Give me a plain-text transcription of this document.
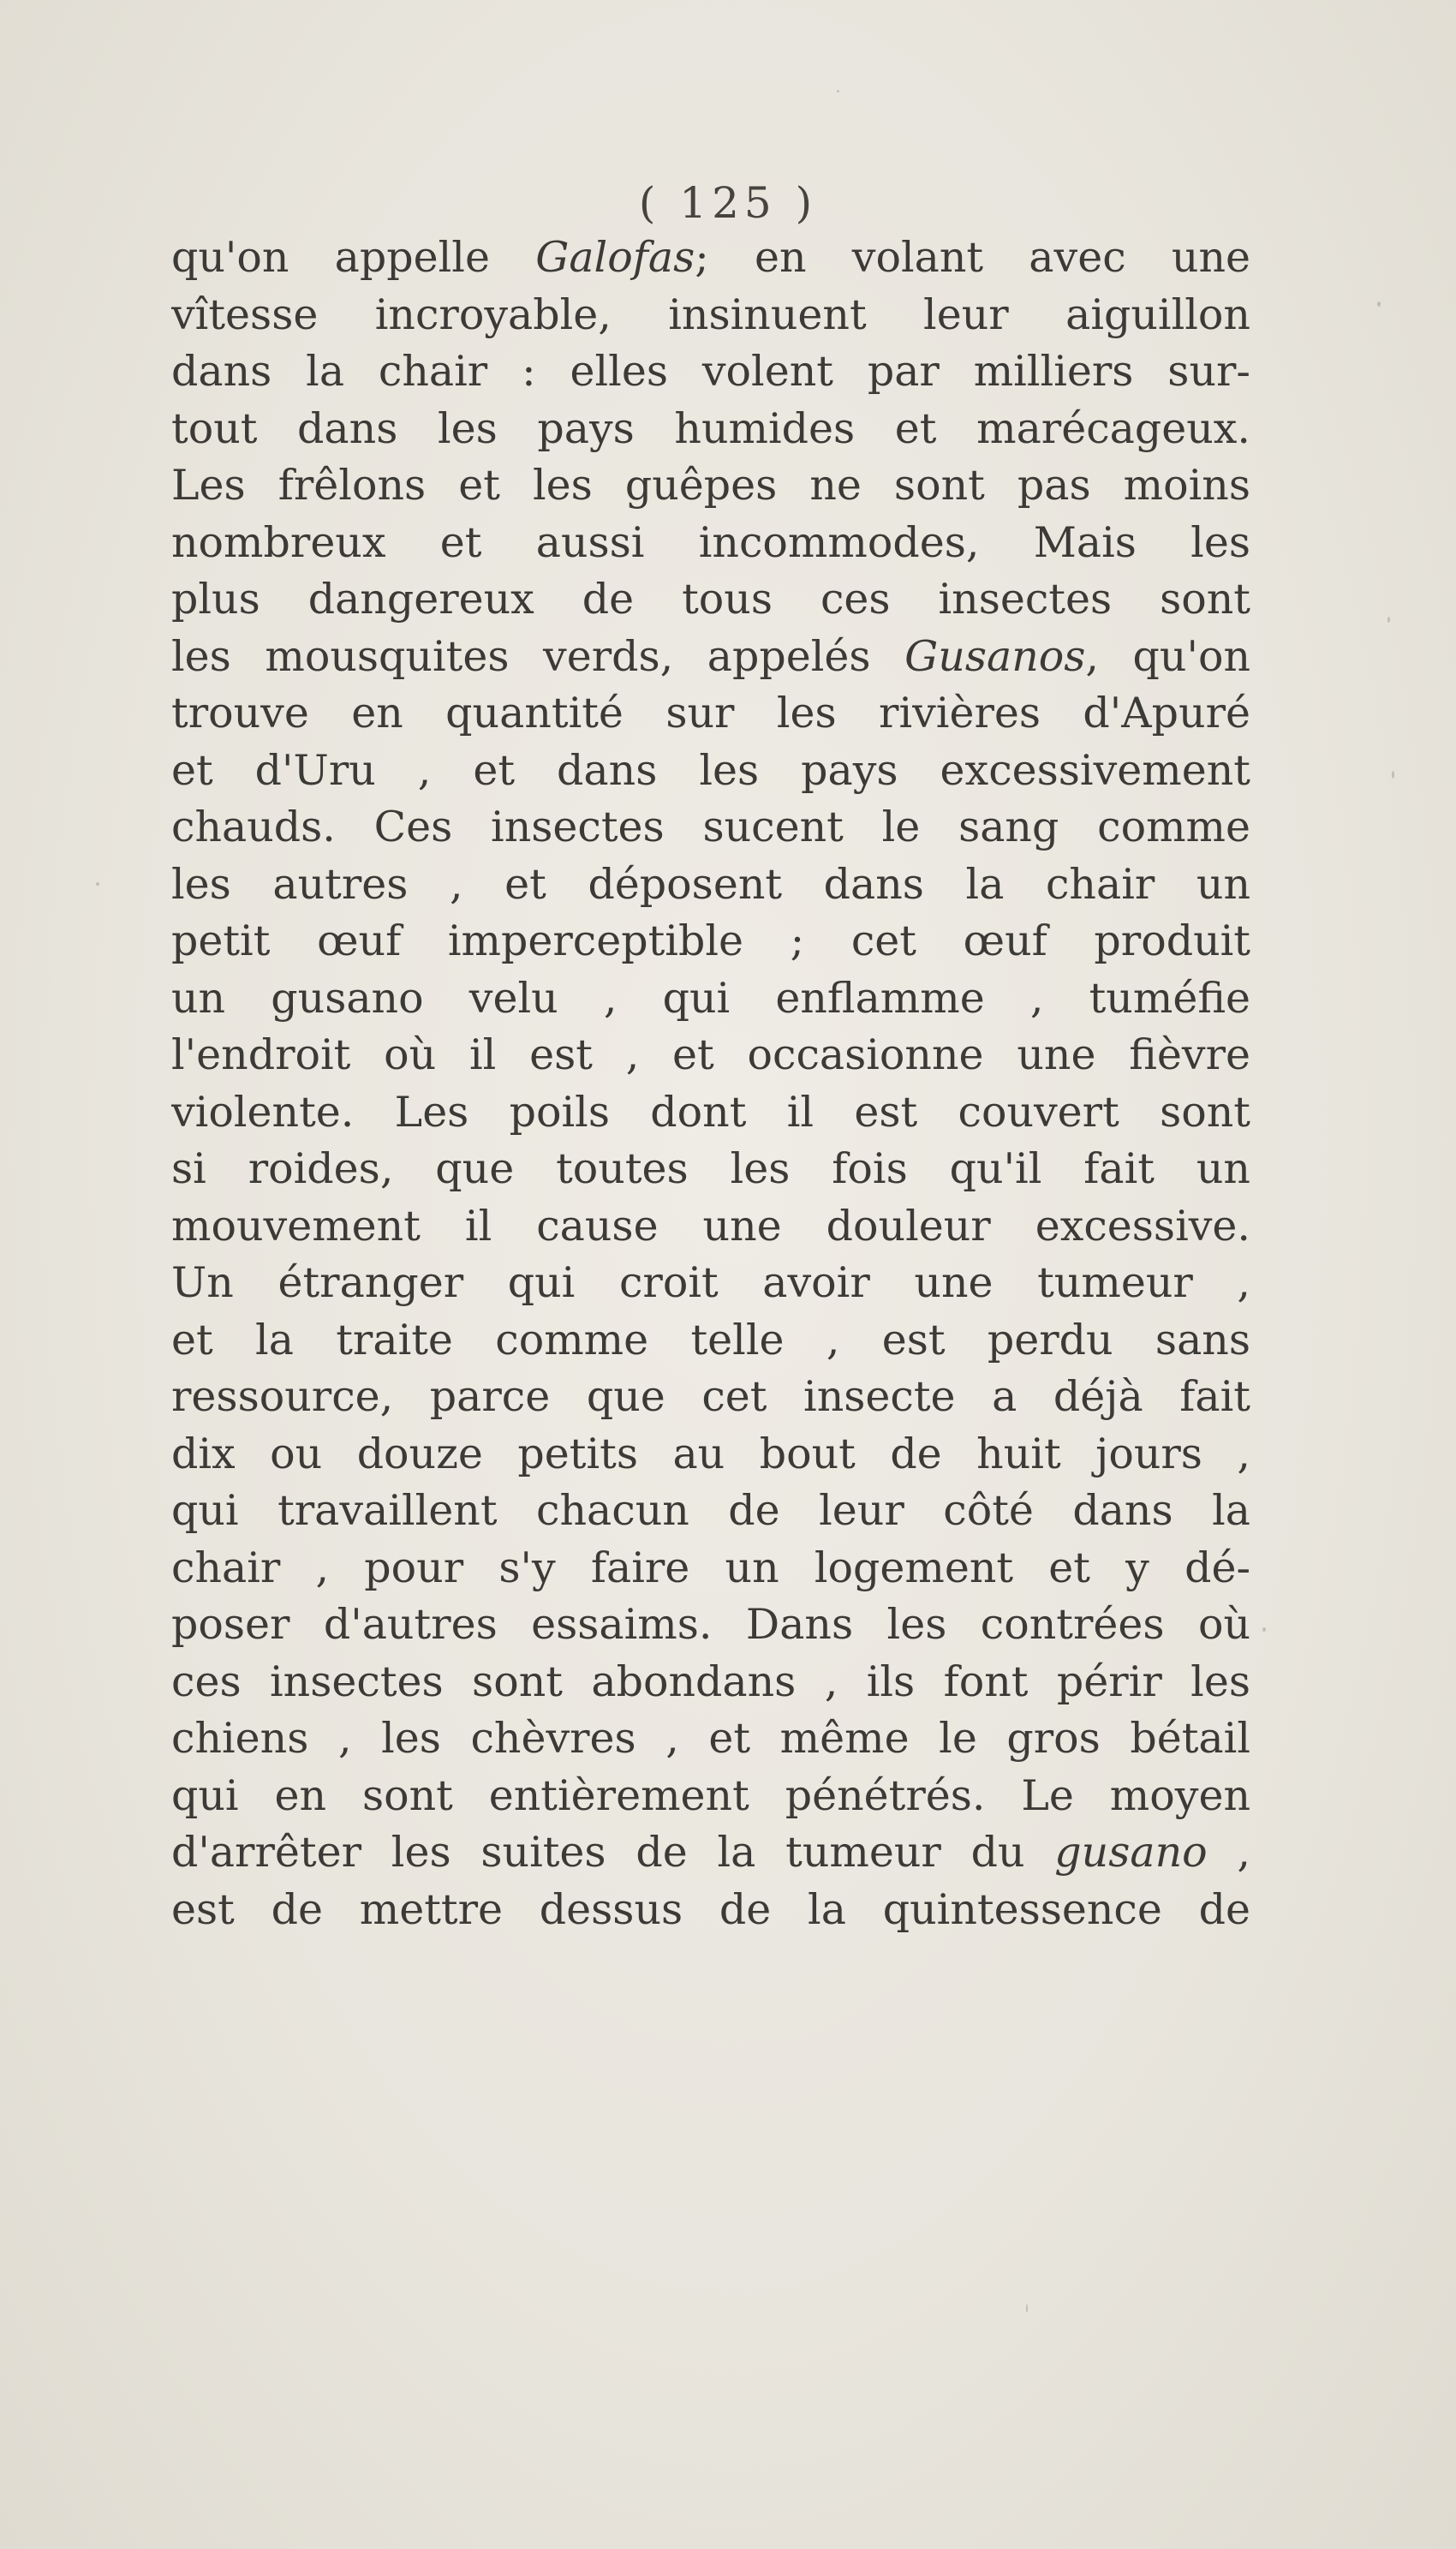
( 125 )
qu'on appelle Galofas; en volant avec une
vîtesse incroyable, insinuent leur aiguillon
dans la chair : elles volent par milliers sur-
tout dans les pays humides et marécageux.
Les frêlons et les guêpes ne sont pas moins
nombreux et aussi incommodes, Mais les
plus dangereux de tous ces insectes sont
les mousquites verds, appelés Gusanos, qu'on
trouve en quantité sur les rivières d'Apuré
et d'Uru , et dans les pays excessivement
chauds. Ces insectes sucent le sang comme
les autres , et déposent dans la chair un
petit œuf imperceptible ; cet œuf produit
un gusano velu , qui enflamme , tuméfie
l'endroit où il est , et occasionne une fièvre
violente. Les poils dont il est couvert sont
si roides, que toutes les fois qu'il fait un
mouvement il cause une douleur excessive.
Un étranger qui croit avoir une tumeur ,
et la traite comme telle , est perdu sans
ressource, parce que cet insecte a déjà fait
dix ou douze petits au bout de huit jours ,
qui travaillent chacun de leur côté dans la
chair , pour s'y faire un logement et y dé-
poser d'autres essaims. Dans les contrées où
ces insectes sont abondans , ils font périr les
chiens , les chèvres , et même le gros bétail
qui en sont entièrement pénétrés. Le moyen
d'arrêter les suites de la tumeur du gusano ,
est de mettre dessus de la quintessence de
